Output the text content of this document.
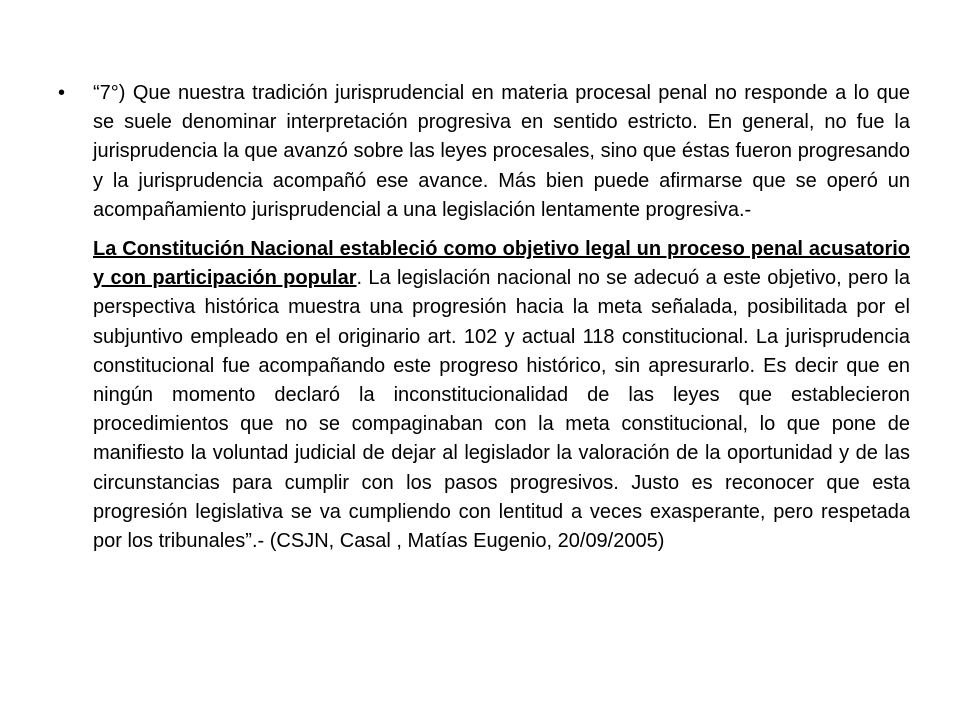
• “7°) Que nuestra tradición jurisprudencial en materia procesal penal no responde a lo que se suele denominar interpretación progresiva en sentido estricto. En general, no fue la jurisprudencia la que avanzó sobre las leyes procesales, sino que éstas fueron progresando y la jurisprudencia acompañó ese avance. Más bien puede afirmarse que se operó un acompañamiento jurisprudencial a una legislación lentamente progresiva.-

La Constitución Nacional estableció como objetivo legal un proceso penal acusatorio y con participación popular. La legislación nacional no se adecuó a este objetivo, pero la perspectiva histórica muestra una progresión hacia la meta señalada, posibilitada por el subjuntivo empleado en el originario art. 102 y actual 118 constitucional. La jurisprudencia constitucional fue acompañando este progreso histórico, sin apresurarlo. Es decir que en ningún momento declaró la inconstitucionalidad de las leyes que establecieron procedimientos que no se compaginaban con la meta constitucional, lo que pone de manifiesto la voluntad judicial de dejar al legislador la valoración de la oportunidad y de las circunstancias para cumplir con los pasos progresivos. Justo es reconocer que esta progresión legislativa se va cumpliendo con lentitud a veces exasperante, pero respetada por los tribunales”.- (CSJN, Casal , Matías Eugenio, 20/09/2005)
